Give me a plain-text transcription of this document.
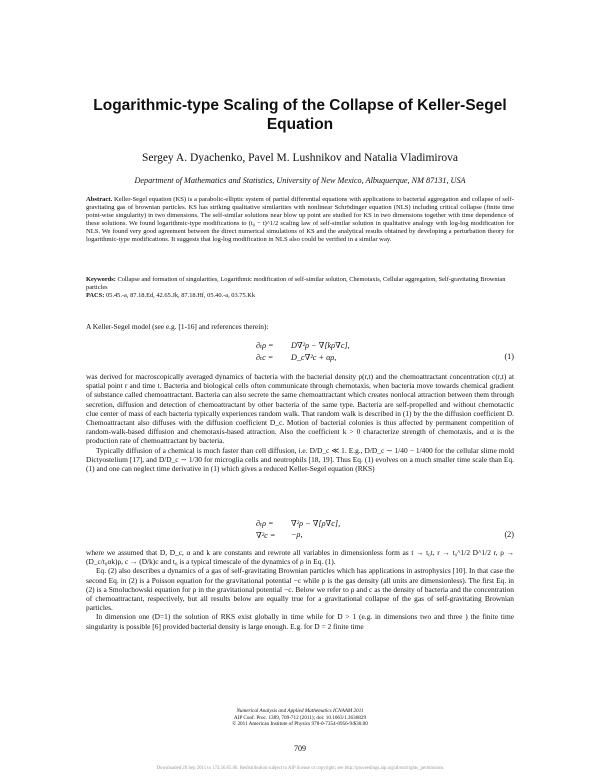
Logarithmic-type Scaling of the Collapse of Keller-Segel Equation
Sergey A. Dyachenko, Pavel M. Lushnikov and Natalia Vladimirova
Department of Mathematics and Statistics, University of New Mexico, Albuquerque, NM 87131, USA
Abstract. Keller-Segel equation (KS) is a parabolic-elliptic system of partial differential equations with applications to bacterial aggregation and collapse of self-gravitating gas of brownian particles. KS has striking qualitative similarities with nonlinear Schrödinger equation (NLS) including critical collapse (finite time point-wise singularity) in two dimensions. The self-similar solutions near blow up point are studied for KS in two dimensions together with time dependence of these solutions. We found logarithmic-type modifications to (t₀ − t)^1/2 scaling law of self-similar solution in qualitative analogy with log-log modification for NLS. We found very good agreement between the direct numerical simulations of KS and the analytical results obtained by developing a perturbation theory for logarithmic-type modifications. It suggests that log-log modification in NLS also could be verified in a similar way.
Keywords: Collapse and formation of singularities, Logarithmic modification of self-similar solution, Chemotaxis, Cellular aggregation, Self-gravitating Brownian particles
PACS: 05.45.-a, 87.18.Ed, 42.65.Jk, 87.18.Hf, 05.40.-a, 03.75.Kk

A Keller-Segel model (see e.g. [1-16] and references therein):

∂ₜρ = D∇²ρ − ∇[kρ∇c],
∂ₜc = D_c∇²c + αρ,	(1)

was derived for macroscopically averaged dynamics of bacteria with the bacterial density ρ(r,t) and the chemoattractant concentration c(r,t) at spatial point r and time t. Bacteria and biological cells often communicate through chemotaxis, when bacteria move towards chemical gradient of substance called chemoattractant. Bacteria can also secrete the same chemoattractant which creates nonlocal attraction between them through secretion, diffusion and detection of chemoattractant by other bacteria of the same type. Bacteria are self-propelled and without chemotactic clue center of mass of each bacteria typically experiences random walk. That random walk is described in (1) by the the diffusion coefficient D. Chemoattractant also diffuses with the diffusion coefficient D_c. Motion of bacterial colonies is thus affected by permanent competition of random-walk-based diffusion and chemotaxis-based attraction. Also the coefficient k > 0 characterize strength of chemotaxis, and α is the production rate of chemoattractant by bacteria.

Typically diffusion of a chemical is much faster than cell diffusion, i.e. D/D_c ≪ 1. E.g., D/D_c ∼ 1/40 − 1/400 for the cellular slime mold Dictyostelium [17], and D/D_c ∼ 1/30 for microglia cells and neutrophils [18, 19]. Thus Eq. (1) evolves on a much smaller time scale than Eq. (1) and one can neglect time derivative in (1) which gives a reduced Keller-Segel equation (RKS)

∂ₜρ = ∇²ρ − ∇[ρ∇c],
∇²c = −ρ,	(2)

where we assumed that D, D_c, α and k are constants and rewrote all variables in dimensionless form as t → t₀t, r → t₀^1/2 D^1/2 r, ρ → (D_c/t₀αk)ρ, c → (D/k)c and t₀ is a typical timescale of the dynamics of ρ in Eq. (1).

Eq. (2) also describes a dynamics of a gas of self-gravitating Brownian particles which has applications in astrophysics [10]. In that case the second Eq. in (2) is a Poisson equation for the gravitational potential −c while ρ is the gas density (all units are dimensionless). The first Eq. in (2) is a Smoluchowski equation for ρ in the gravitational potential −c. Below we refer to ρ and c as the density of bacteria and the concentration of chemoattractant, respectively, but all results below are equally true for a gravitational collapse of the gas of self-gravitating Brownian particles.

In dimension one (D=1) the solution of RKS exist globally in time while for D > 1 (e.g. in dimensions two and three ) the finite time singularity is possible [6] provided bacterial density is large enough. E.g. for D = 2 finite time

Numerical Analysis and Applied Mathematics ICNAAM 2011
AIP Conf. Proc. 1389, 709-712 (2011); doi: 10.1063/1.3636829
© 2011 American Institute of Physics 978-0-7354-0956-9/$30.00
709
Downloaded 28 Sep 2011 to 174.56.65.66. Redistribution subject to AIP license or copyright; see http://proceedings.aip.org/about/rights_permissions
